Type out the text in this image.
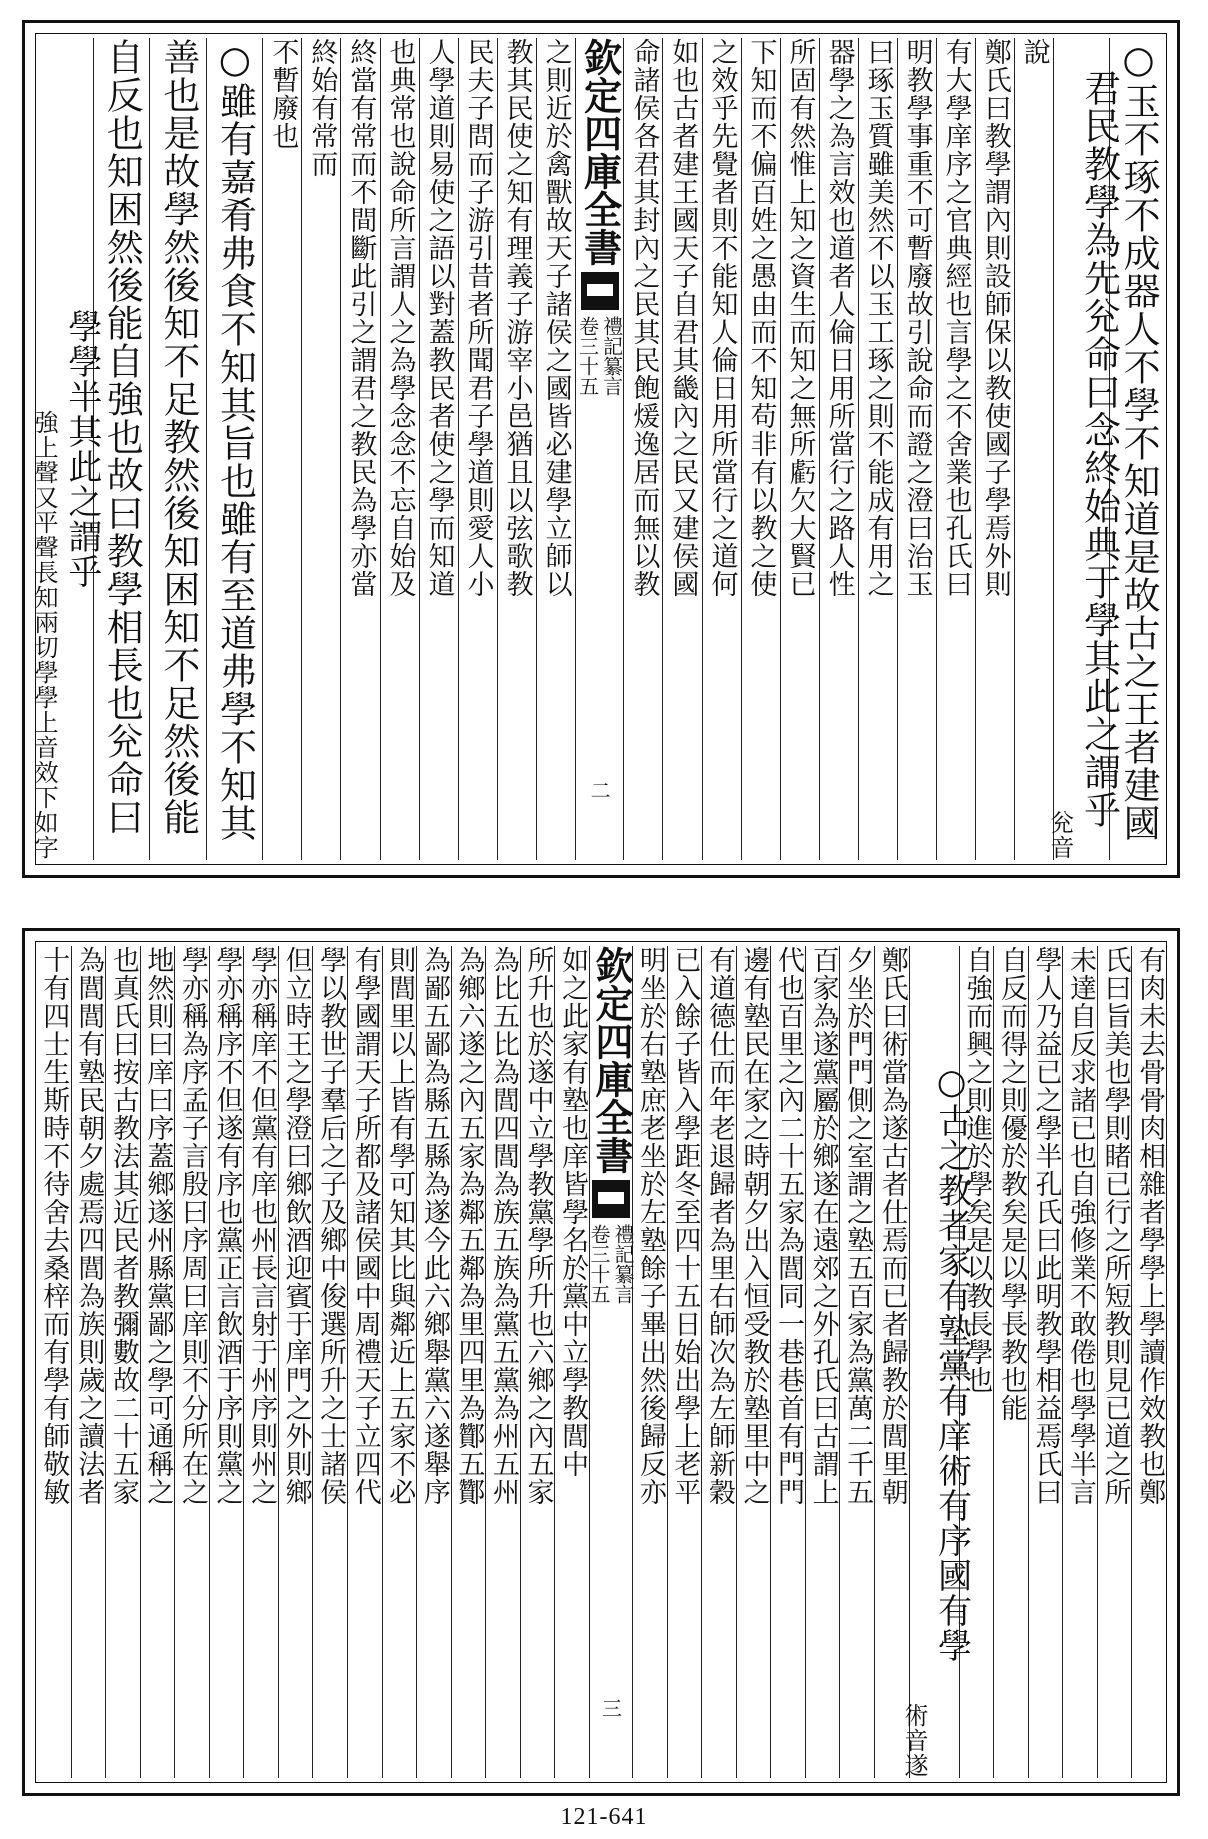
○玉不琢不成器人不學不知道是故古之王者建國
君民教學為先兊命曰念終始典于學其此之謂乎
兊音
說
鄭氏曰教學謂內則設師保以教使國子學焉外則
有大學庠序之官典經也言學之不舍業也孔氏曰
明教學事重不可暫廢故引說命而證之澄曰治玉
曰琢玉質雖美然不以玉工琢之則不能成有用之
器學之為言效也道者人倫日用所當行之路人性
所固有然惟上知之資生而知之無所虧欠大賢已
下知而不偏百姓之愚由而不知苟非有以教之使
之效乎先覺者則不能知人倫日用所當行之道何
如也古者建王國天子自君其畿內之民又建侯國
命諸侯各君其封內之民其民飽煖逸居而無以教
欽定四庫全書
禮記纂言
卷三十五
二
之則近於禽獸故天子諸侯之國皆必建學立師以
教其民使之知有理義子游宰小邑猶且以弦歌教
民夫子問而子游引昔者所聞君子學道則愛人小
人學道則易使之語以對蓋教民者使之學而知道
也典常也說命所言謂人之為學念念不忘自始及
終當有常而不間斷此引之謂君之教民為學亦當
終始有常而
不暫廢也
○雖有嘉肴弗食不知其旨也雖有至道弗學不知其
善也是故學然後知不足教然後知困知不足然後能
自反也知困然後能自強也故曰教學相長也兊命曰
學學半其此之謂乎
強上聲又平聲長知兩切學學上音效下如字
有肉未去骨骨肉相雜者學學上學讀作效教也鄭
氏曰旨美也學則睹已行之所短教則見已道之所
未達自反求諸已也自強修業不敢倦也學學半言
學人乃益已之學半孔氏曰此明教學相益焉氏曰
自反而得之則優於教矣是以學長教也能
自強而興之則進於學矣是以教長學也
○古之教者家有塾黨有庠術有序國有學
術音遂
鄭氏曰術當為遂古者仕焉而已者歸教於閭里朝
夕坐於門門側之室謂之塾五百家為黨萬二千五
百家為遂黨屬於鄉遂在遠郊之外孔氏曰古謂上
代也百里之內二十五家為閭同一巷巷首有門門
邊有塾民在家之時朝夕出入恒受教於塾里中之
有道德仕而年老退歸者為里右師次為左師新穀
已入餘子皆入學距冬至四十五日始出學上老平
明坐於右塾庶老坐於左塾餘子畢出然後歸反亦
欽定四庫全書
禮記纂言
卷三十五
三
如之此家有塾也庠皆學名於黨中立學教閭中
所升也於遂中立學教黨學所升也六鄉之內五家
為比五比為閭四閭為族五族為黨五黨為州五州
為鄉六遂之內五家為鄰五鄰為里四里為酇五酇
為鄙五鄙為縣五縣為遂今此六鄉舉黨六遂舉序
則閭里以上皆有學可知其比與鄰近上五家不必
有學國謂天子所都及諸侯國中周禮天子立四代
學以教世子羣后之子及鄉中俊選所升之士諸侯
但立時王之學澄曰鄉飲酒迎賓于庠門之外則鄉
學亦稱庠不但黨有庠也州長言射于州序則州之
學亦稱序不但遂有序也黨正言飲酒于序則黨之
學亦稱為序孟子言殷曰序周曰庠則不分所在之
地然則曰庠曰序蓋鄉遂州縣黨鄙之學可通稱之
也真氏曰按古教法其近民者教彌數故二十五家
為閭閭有塾民朝夕處焉四閭為族則歲之讀法者
十有四士生斯時不待舍去桑梓而有學有師敬敏
121-641
